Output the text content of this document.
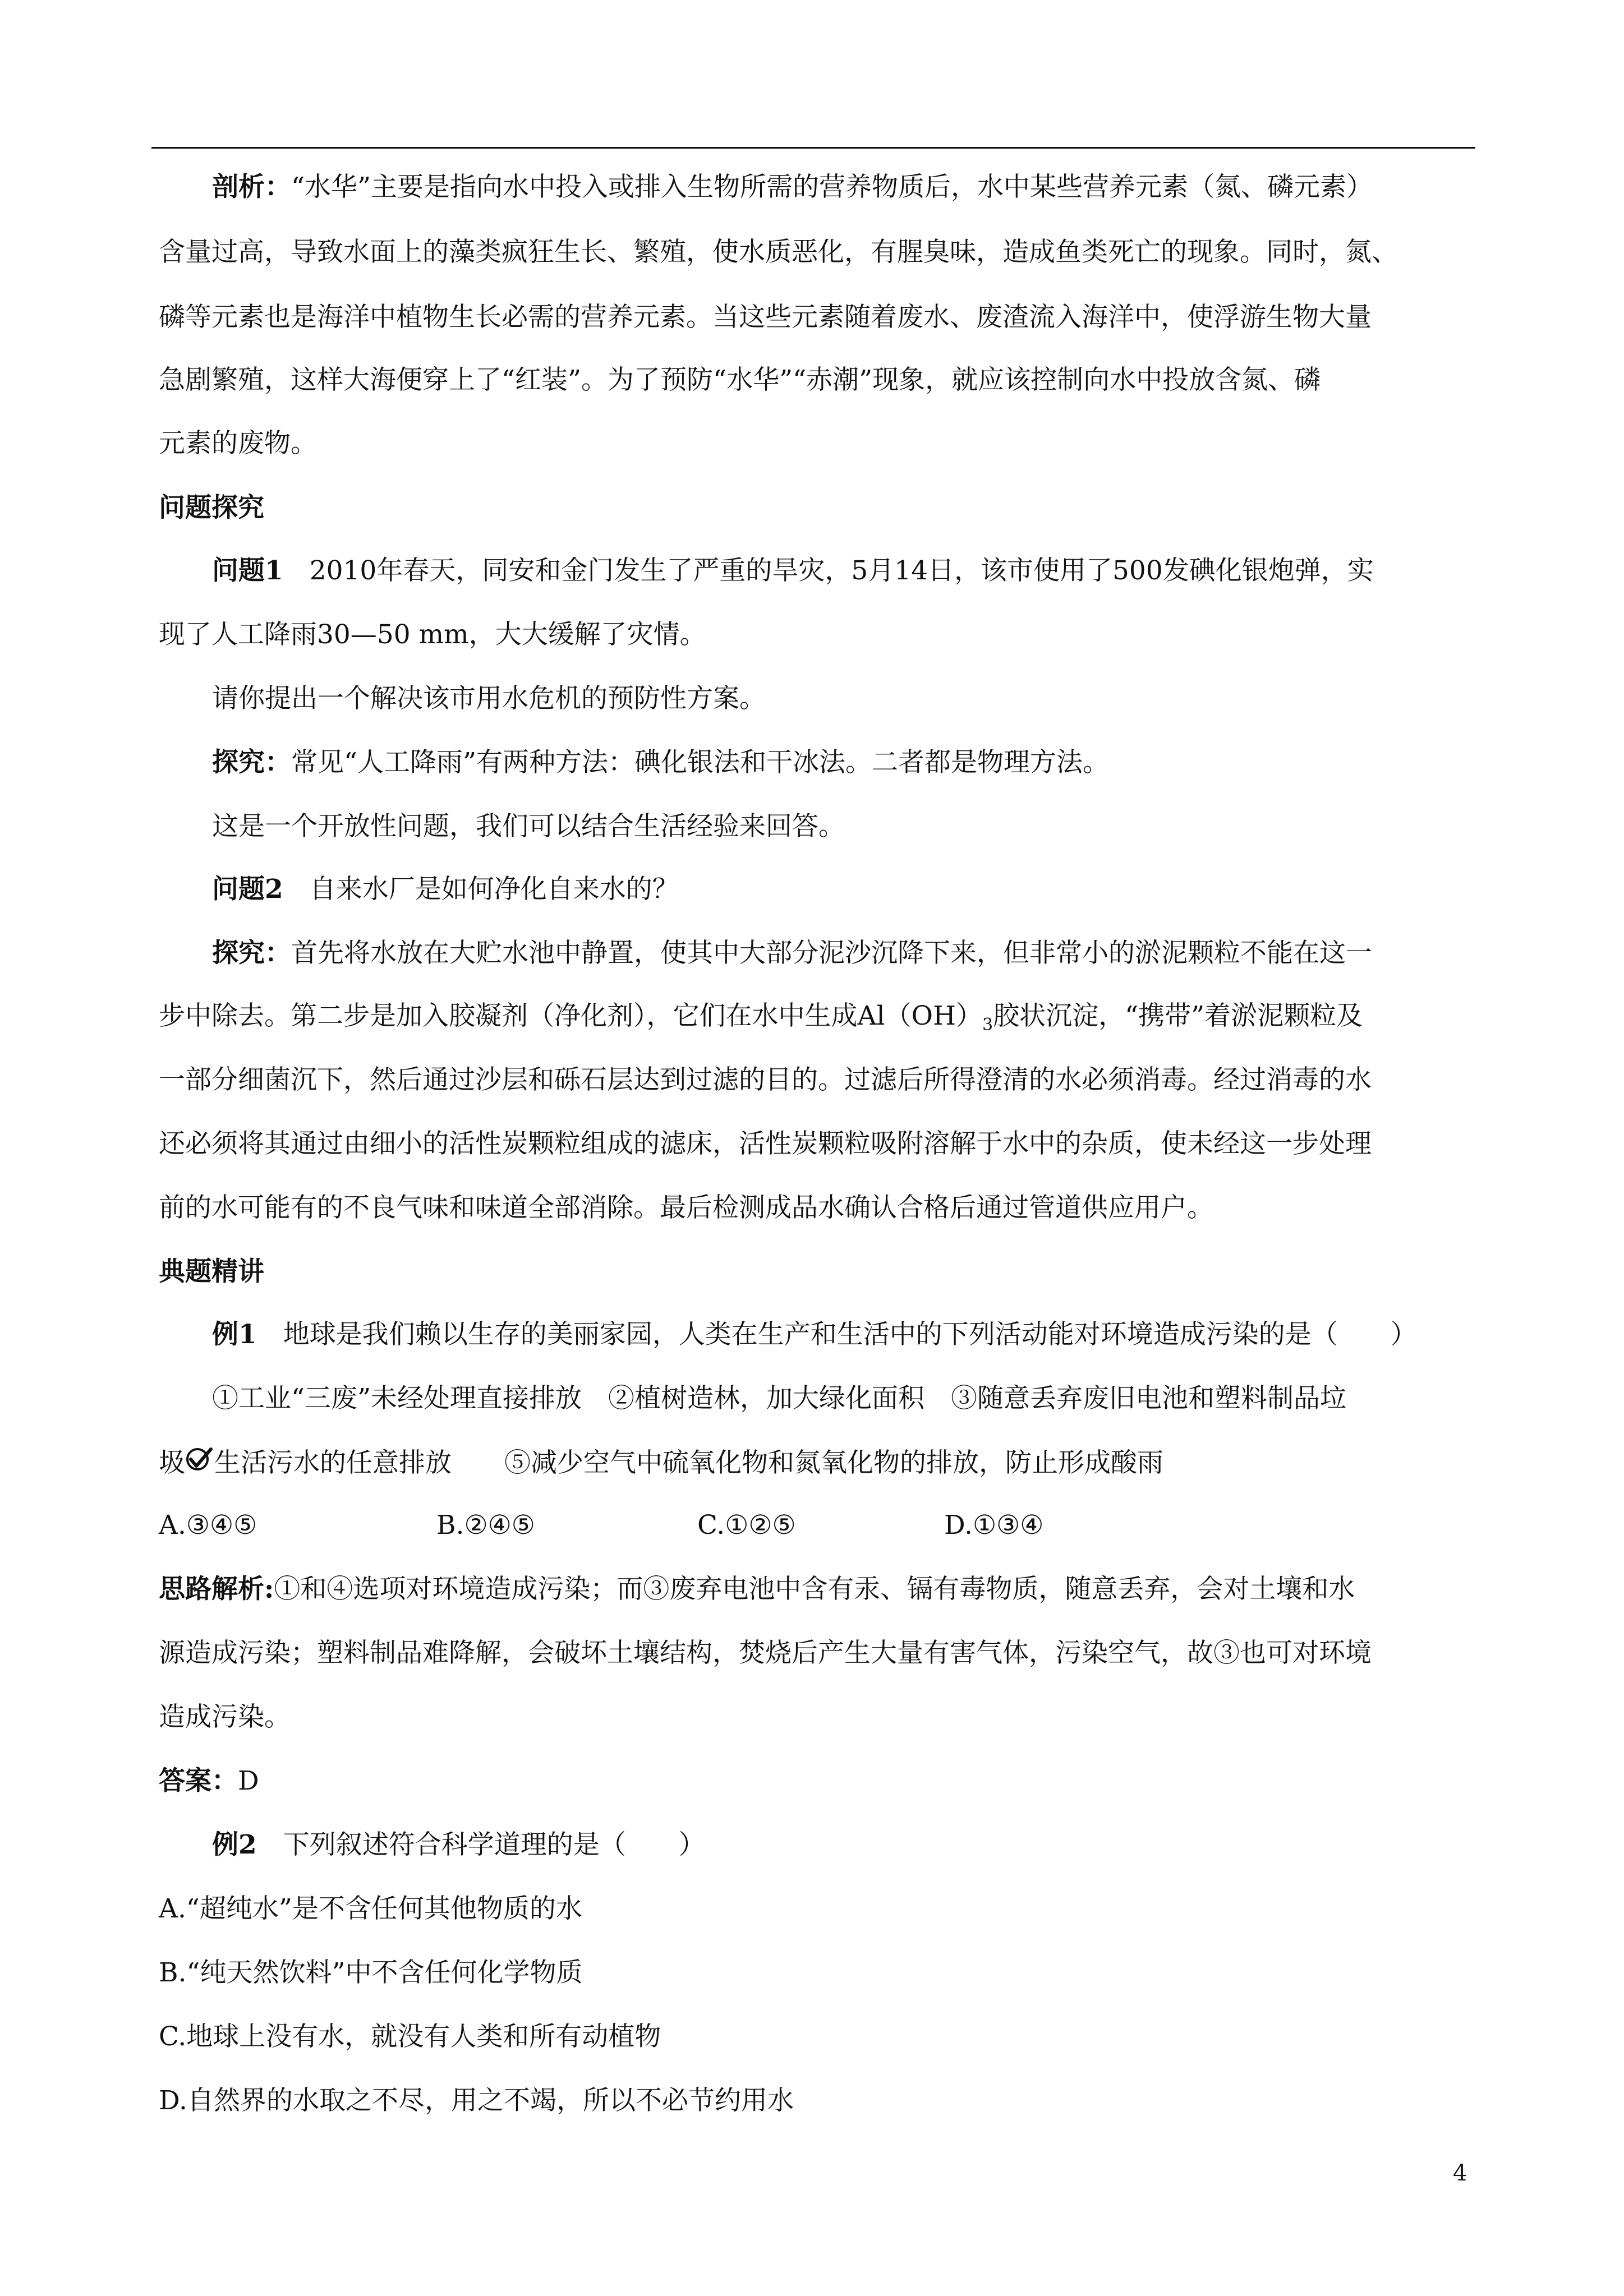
剖析：“水华”主要是指向水中投入或排入生物所需的营养物质后，水中某些营养元素（氮、磷元素）
含量过高，导致水面上的藻类疯狂生长、繁殖，使水质恶化，有腥臭味，造成鱼类死亡的现象。同时，氮、
磷等元素也是海洋中植物生长必需的营养元素。当这些元素随着废水、废渣流入海洋中，使浮游生物大量
急剧繁殖，这样大海便穿上了“红装”。为了预防“水华”“赤潮”现象，就应该控制向水中投放含氮、磷
元素的废物。
问题探究
问题1　2010年春天，同安和金门发生了严重的旱灾，5月14日，该市使用了500发碘化银炮弹，实
现了人工降雨30—50 mm，大大缓解了灾情。
请你提出一个解决该市用水危机的预防性方案。
探究：常见“人工降雨”有两种方法：碘化银法和干冰法。二者都是物理方法。
这是一个开放性问题，我们可以结合生活经验来回答。
问题2　自来水厂是如何净化自来水的？
探究：首先将水放在大贮水池中静置，使其中大部分泥沙沉降下来，但非常小的淤泥颗粒不能在这一
步中除去。第二步是加入胶凝剂（净化剂），它们在水中生成$Al(OH)_3$胶状沉淀，“携带”着淤泥颗粒及
一部分细菌沉下，然后通过沙层和砾石层达到过滤的目的。过滤后所得澄清的水必须消毒。经过消毒的水
还必须将其通过由细小的活性炭颗粒组成的滤床，活性炭颗粒吸附溶解于水中的杂质，使未经这一步处理
前的水可能有的不良气味和味道全部消除。最后检测成品水确认合格后通过管道供应用户。
典题精讲
例1　地球是我们赖以生存的美丽家园，人类在生产和生活中的下列活动能对环境造成污染的是（　　）
①工业“三废”未经处理直接排放　②植树造林，加大绿化面积　③随意丢弃废旧电池和塑料制品垃
圾 生活污水的任意排放　　⑤减少空气中硫氧化物和氮氧化物的排放，防止形成酸雨
A.③④⑤	B.②④⑤	C.①②⑤	D.①③④
思路解析:①和④选项对环境造成污染；而③废弃电池中含有汞、镉有毒物质，随意丢弃，会对土壤和水
源造成污染；塑料制品难降解，会破坏土壤结构，焚烧后产生大量有害气体，污染空气，故③也可对环境
造成污染。
答案：D
例2　下列叙述符合科学道理的是（　　）
A.“超纯水”是不含任何其他物质的水
B.“纯天然饮料”中不含任何化学物质
C.地球上没有水，就没有人类和所有动植物
D.自然界的水取之不尽，用之不竭，所以不必节约用水
4
